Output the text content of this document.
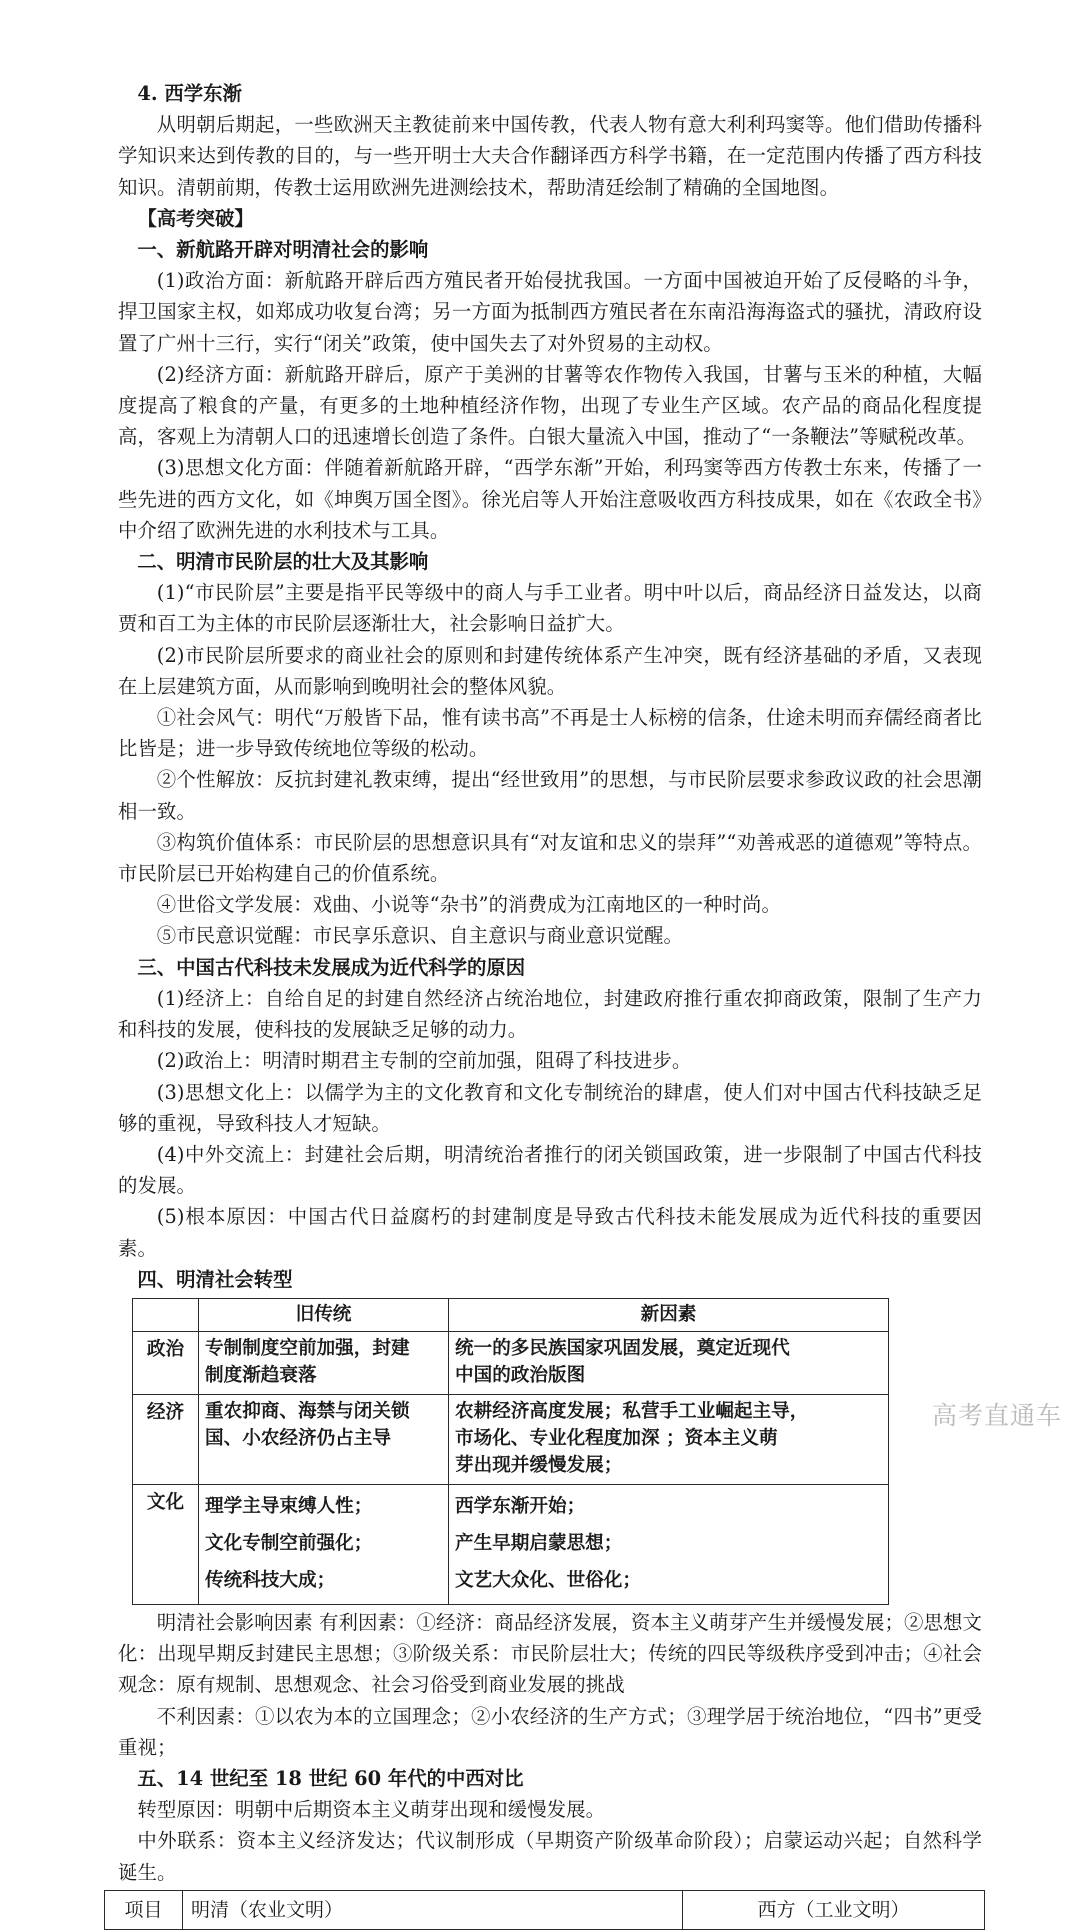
4. 西学东渐

从明朝后期起，一些欧洲天主教徒前来中国传教，代表人物有意大利利玛窦等。他们借助传播科学知识来达到传教的目的，与一些开明士大夫合作翻译西方科学书籍，在一定范围内传播了西方科技知识。清朝前期，传教士运用欧洲先进测绘技术，帮助清廷绘制了精确的全国地图。

【高考突破】
一、新航路开辟对明清社会的影响

(1)政治方面：新航路开辟后西方殖民者开始侵扰我国。一方面中国被迫开始了反侵略的斗争，捍卫国家主权，如郑成功收复台湾；另一方面为抵制西方殖民者在东南沿海海盗式的骚扰，清政府设置了广州十三行，实行“闭关”政策，使中国失去了对外贸易的主动权。

(2)经济方面：新航路开辟后，原产于美洲的甘薯等农作物传入我国，甘薯与玉米的种植，大幅度提高了粮食的产量，有更多的土地种植经济作物，出现了专业生产区域。农产品的商品化程度提高，客观上为清朝人口的迅速增长创造了条件。白银大量流入中国，推动了“一条鞭法”等赋税改革。

(3)思想文化方面：伴随着新航路开辟，“西学东渐”开始，利玛窦等西方传教士东来，传播了一些先进的西方文化，如《坤舆万国全图》。徐光启等人开始注意吸收西方科技成果，如在《农政全书》中介绍了欧洲先进的水利技术与工具。

二、明清市民阶层的壮大及其影响

(1)“市民阶层”主要是指平民等级中的商人与手工业者。明中叶以后，商品经济日益发达，以商贾和百工为主体的市民阶层逐渐壮大，社会影响日益扩大。

(2)市民阶层所要求的商业社会的原则和封建传统体系产生冲突，既有经济基础的矛盾，又表现在上层建筑方面，从而影响到晚明社会的整体风貌。

①社会风气：明代“万般皆下品，惟有读书高”不再是士人标榜的信条，仕途未明而弃儒经商者比比皆是；进一步导致传统地位等级的松动。

②个性解放：反抗封建礼教束缚，提出“经世致用”的思想，与市民阶层要求参政议政的社会思潮相一致。

③构筑价值体系：市民阶层的思想意识具有“对友谊和忠义的崇拜”“劝善戒恶的道德观”等特点。市民阶层已开始构建自己的价值系统。

④世俗文学发展：戏曲、小说等“杂书”的消费成为江南地区的一种时尚。

⑤市民意识觉醒：市民享乐意识、自主意识与商业意识觉醒。

三、中国古代科技未发展成为近代科学的原因

(1)经济上：自给自足的封建自然经济占统治地位，封建政府推行重农抑商政策，限制了生产力和科技的发展，使科技的发展缺乏足够的动力。

(2)政治上：明清时期君主专制的空前加强，阻碍了科技进步。

(3)思想文化上：以儒学为主的文化教育和文化专制统治的肆虐，使人们对中国古代科技缺乏足够的重视，导致科技人才短缺。

(4)中外交流上：封建社会后期，明清统治者推行的闭关锁国政策，进一步限制了中国古代科技的发展。

(5)根本原因：中国古代日益腐朽的封建制度是导致古代科技未能发展成为近代科技的重要因素。

四、明清社会转型
	旧传统	新因素
政治	专制制度空前加强，封建
制度渐趋衰落	统一的多民族国家巩固发展，奠定近现代
中国的政治版图

经济	重农抑商、海禁与闭关锁
国、小农经济仍占主导	农耕经济高度发展；私营手工业崛起主导，
市场化、专业化程度加深 ；资本主义萌
芽出现并缓慢发展；

文化	理学主导束缚人性；
文化专制空前强化；
传统科技大成；	西学东渐开始；
产生早期启蒙思想；
文艺大众化、世俗化；

明清社会影响因素 有利因素：①经济：商品经济发展，资本主义萌芽产生并缓慢发展；②思想文化：出现早期反封建民主思想；③阶级关系：市民阶层壮大；传统的四民等级秩序受到冲击；④社会观念：原有规制、思想观念、社会习俗受到商业发展的挑战

不利因素：①以农为本的立国理念；②小农经济的生产方式；③理学居于统治地位，“四书”更受重视；

五、14 世纪至 18 世纪 60 年代的中西对比

转型原因：明朝中后期资本主义萌芽出现和缓慢发展。

中外联系：资本主义经济发达；代议制形成（早期资产阶级革命阶段）；启蒙运动兴起；自然科学诞生。

项目	明清（农业文明）	西方（工业文明）
高考直通车
